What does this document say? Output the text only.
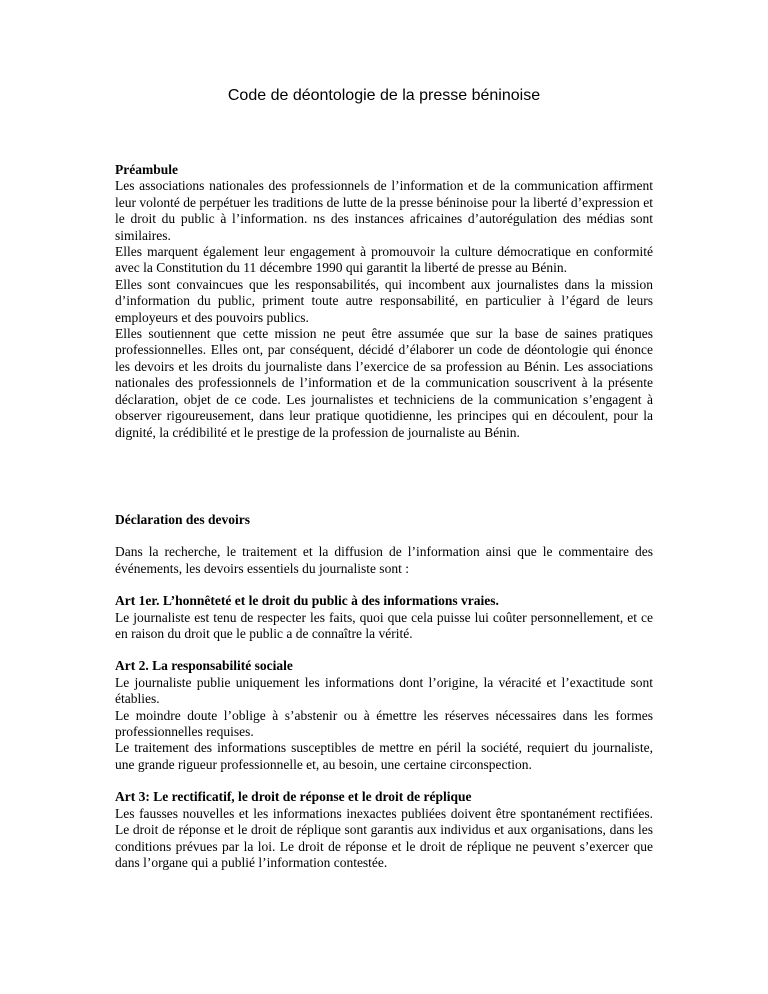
Code de déontologie de la presse béninoise

Préambule

Les associations nationales des professionnels de l’information et de la communication affirment leur volonté de perpétuer les traditions de lutte de la presse béninoise pour la liberté d’expression et le droit du public à l’information. ns des instances africaines d’autorégulation des médias sont similaires.

Elles marquent également leur engagement à promouvoir la culture démocratique en conformité avec la Constitution du 11 décembre 1990 qui garantit la liberté de presse au Bénin.

Elles sont convaincues que les responsabilités, qui incombent aux journalistes dans la mission d’information du public, priment toute autre responsabilité, en particulier à l’égard de leurs employeurs et des pouvoirs publics.

Elles soutiennent que cette mission ne peut être assumée que sur la base de saines pratiques professionnelles. Elles ont, par conséquent, décidé d’élaborer un code de déontologie qui énonce les devoirs et les droits du journaliste dans l’exercice de sa profession au Bénin. Les associations nationales des professionnels de l’information et de la communication souscrivent à la présente déclaration, objet de ce code. Les journalistes et techniciens de la communication s’engagent à observer rigoureusement, dans leur pratique quotidienne, les principes qui en découlent, pour la dignité, la crédibilité et le prestige de la profession de journaliste au Bénin.

Déclaration des devoirs

Dans la recherche, le traitement et la diffusion de l’information ainsi que le commentaire des événements, les devoirs essentiels du journaliste sont :

Art 1er. L’honnêteté et le droit du public à des informations vraies.

Le journaliste est tenu de respecter les faits, quoi que cela puisse lui coûter personnellement, et ce en raison du droit que le public a de connaître la vérité.

Art 2. La responsabilité sociale

Le journaliste publie uniquement les informations dont l’origine, la véracité et l’exactitude sont établies.

Le moindre doute l’oblige à s’abstenir ou à émettre les réserves nécessaires dans les formes professionnelles requises.

Le traitement des informations susceptibles de mettre en péril la société, requiert du journaliste, une grande rigueur professionnelle et, au besoin, une certaine circonspection.

Art 3: Le rectificatif, le droit de réponse et le droit de réplique

Les fausses nouvelles et les informations inexactes publiées doivent être spontanément rectifiées. Le droit de réponse et le droit de réplique sont garantis aux individus et aux organisations, dans les conditions prévues par la loi. Le droit de réponse et le droit de réplique ne peuvent s’exercer que dans l’organe qui a publié l’information contestée.
